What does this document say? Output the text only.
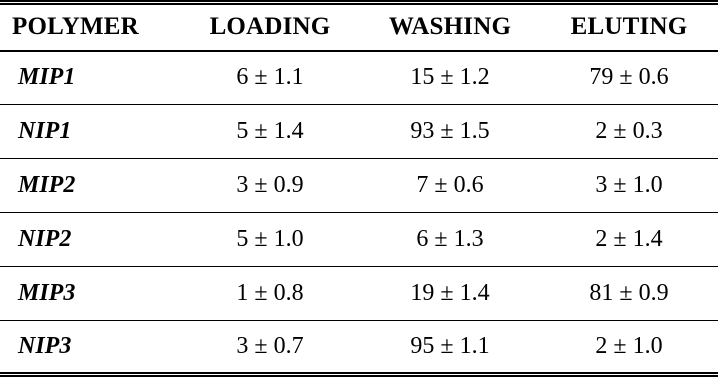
POLYMER	LOADING	WASHING	ELUTING
MIP1	6 ± 1.1	15 ± 1.2	79 ± 0.6
NIP1	5 ± 1.4	93 ± 1.5	2 ± 0.3
MIP2	3 ± 0.9	7 ± 0.6	3 ± 1.0
NIP2	5 ± 1.0	6 ± 1.3	2 ± 1.4
MIP3	1 ± 0.8	19 ± 1.4	81 ± 0.9
NIP3	3 ± 0.7	95 ± 1.1	2 ± 1.0
